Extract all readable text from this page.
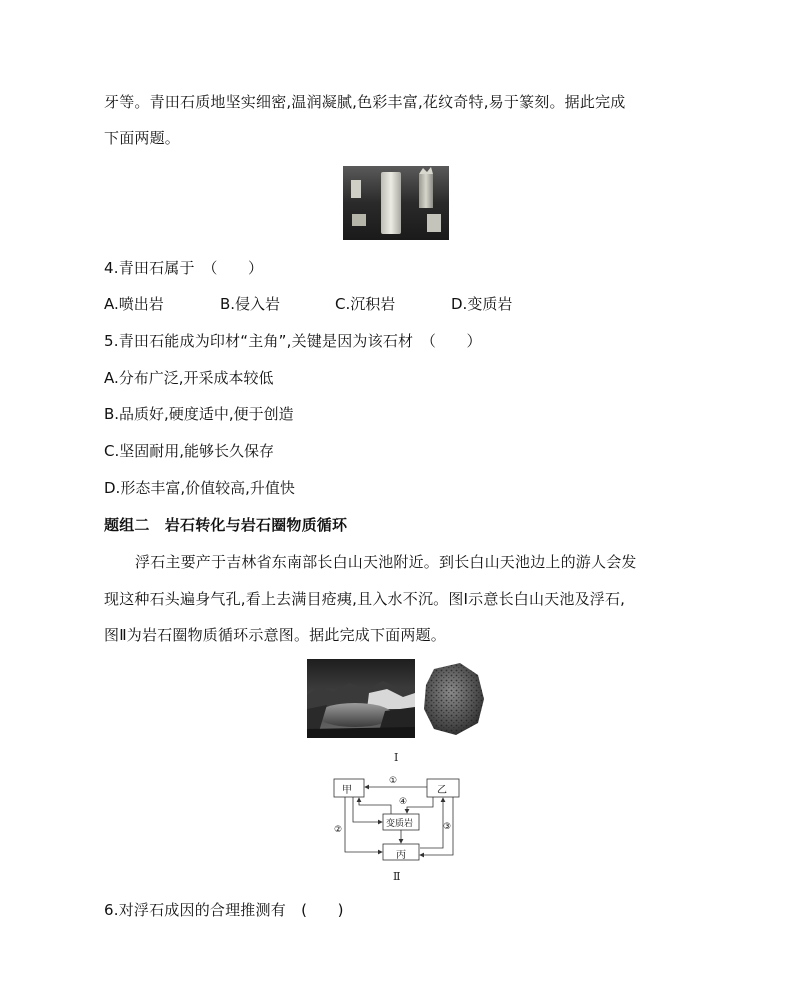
牙等。青田石质地坚实细密,温润凝腻,色彩丰富,花纹奇特,易于篆刻。据此完成
下面两题。
4.青田石属于　（　　）
A.喷出岩	B.侵入岩	C.沉积岩	D.变质岩
5.青田石能成为印材“主角”,关键是因为该石材　（　　）
A.分布广泛,开采成本较低
B.品质好,硬度适中,便于创造
C.坚固耐用,能够长久保存
D.形态丰富,价值较高,升值快
题组二　岩石转化与岩石圈物质循环
浮石主要产于吉林省东南部长白山天池附近。到长白山天池边上的游人会发
现这种石头遍身气孔,看上去满目疮痍,且入水不沉。图Ⅰ示意长白山天池及浮石,
图Ⅱ为岩石圈物质循环示意图。据此完成下面两题。
Ⅰ
甲	乙
变质岩
丙
①
②	③
④
Ⅱ
6.对浮石成因的合理推测有　(　　)
